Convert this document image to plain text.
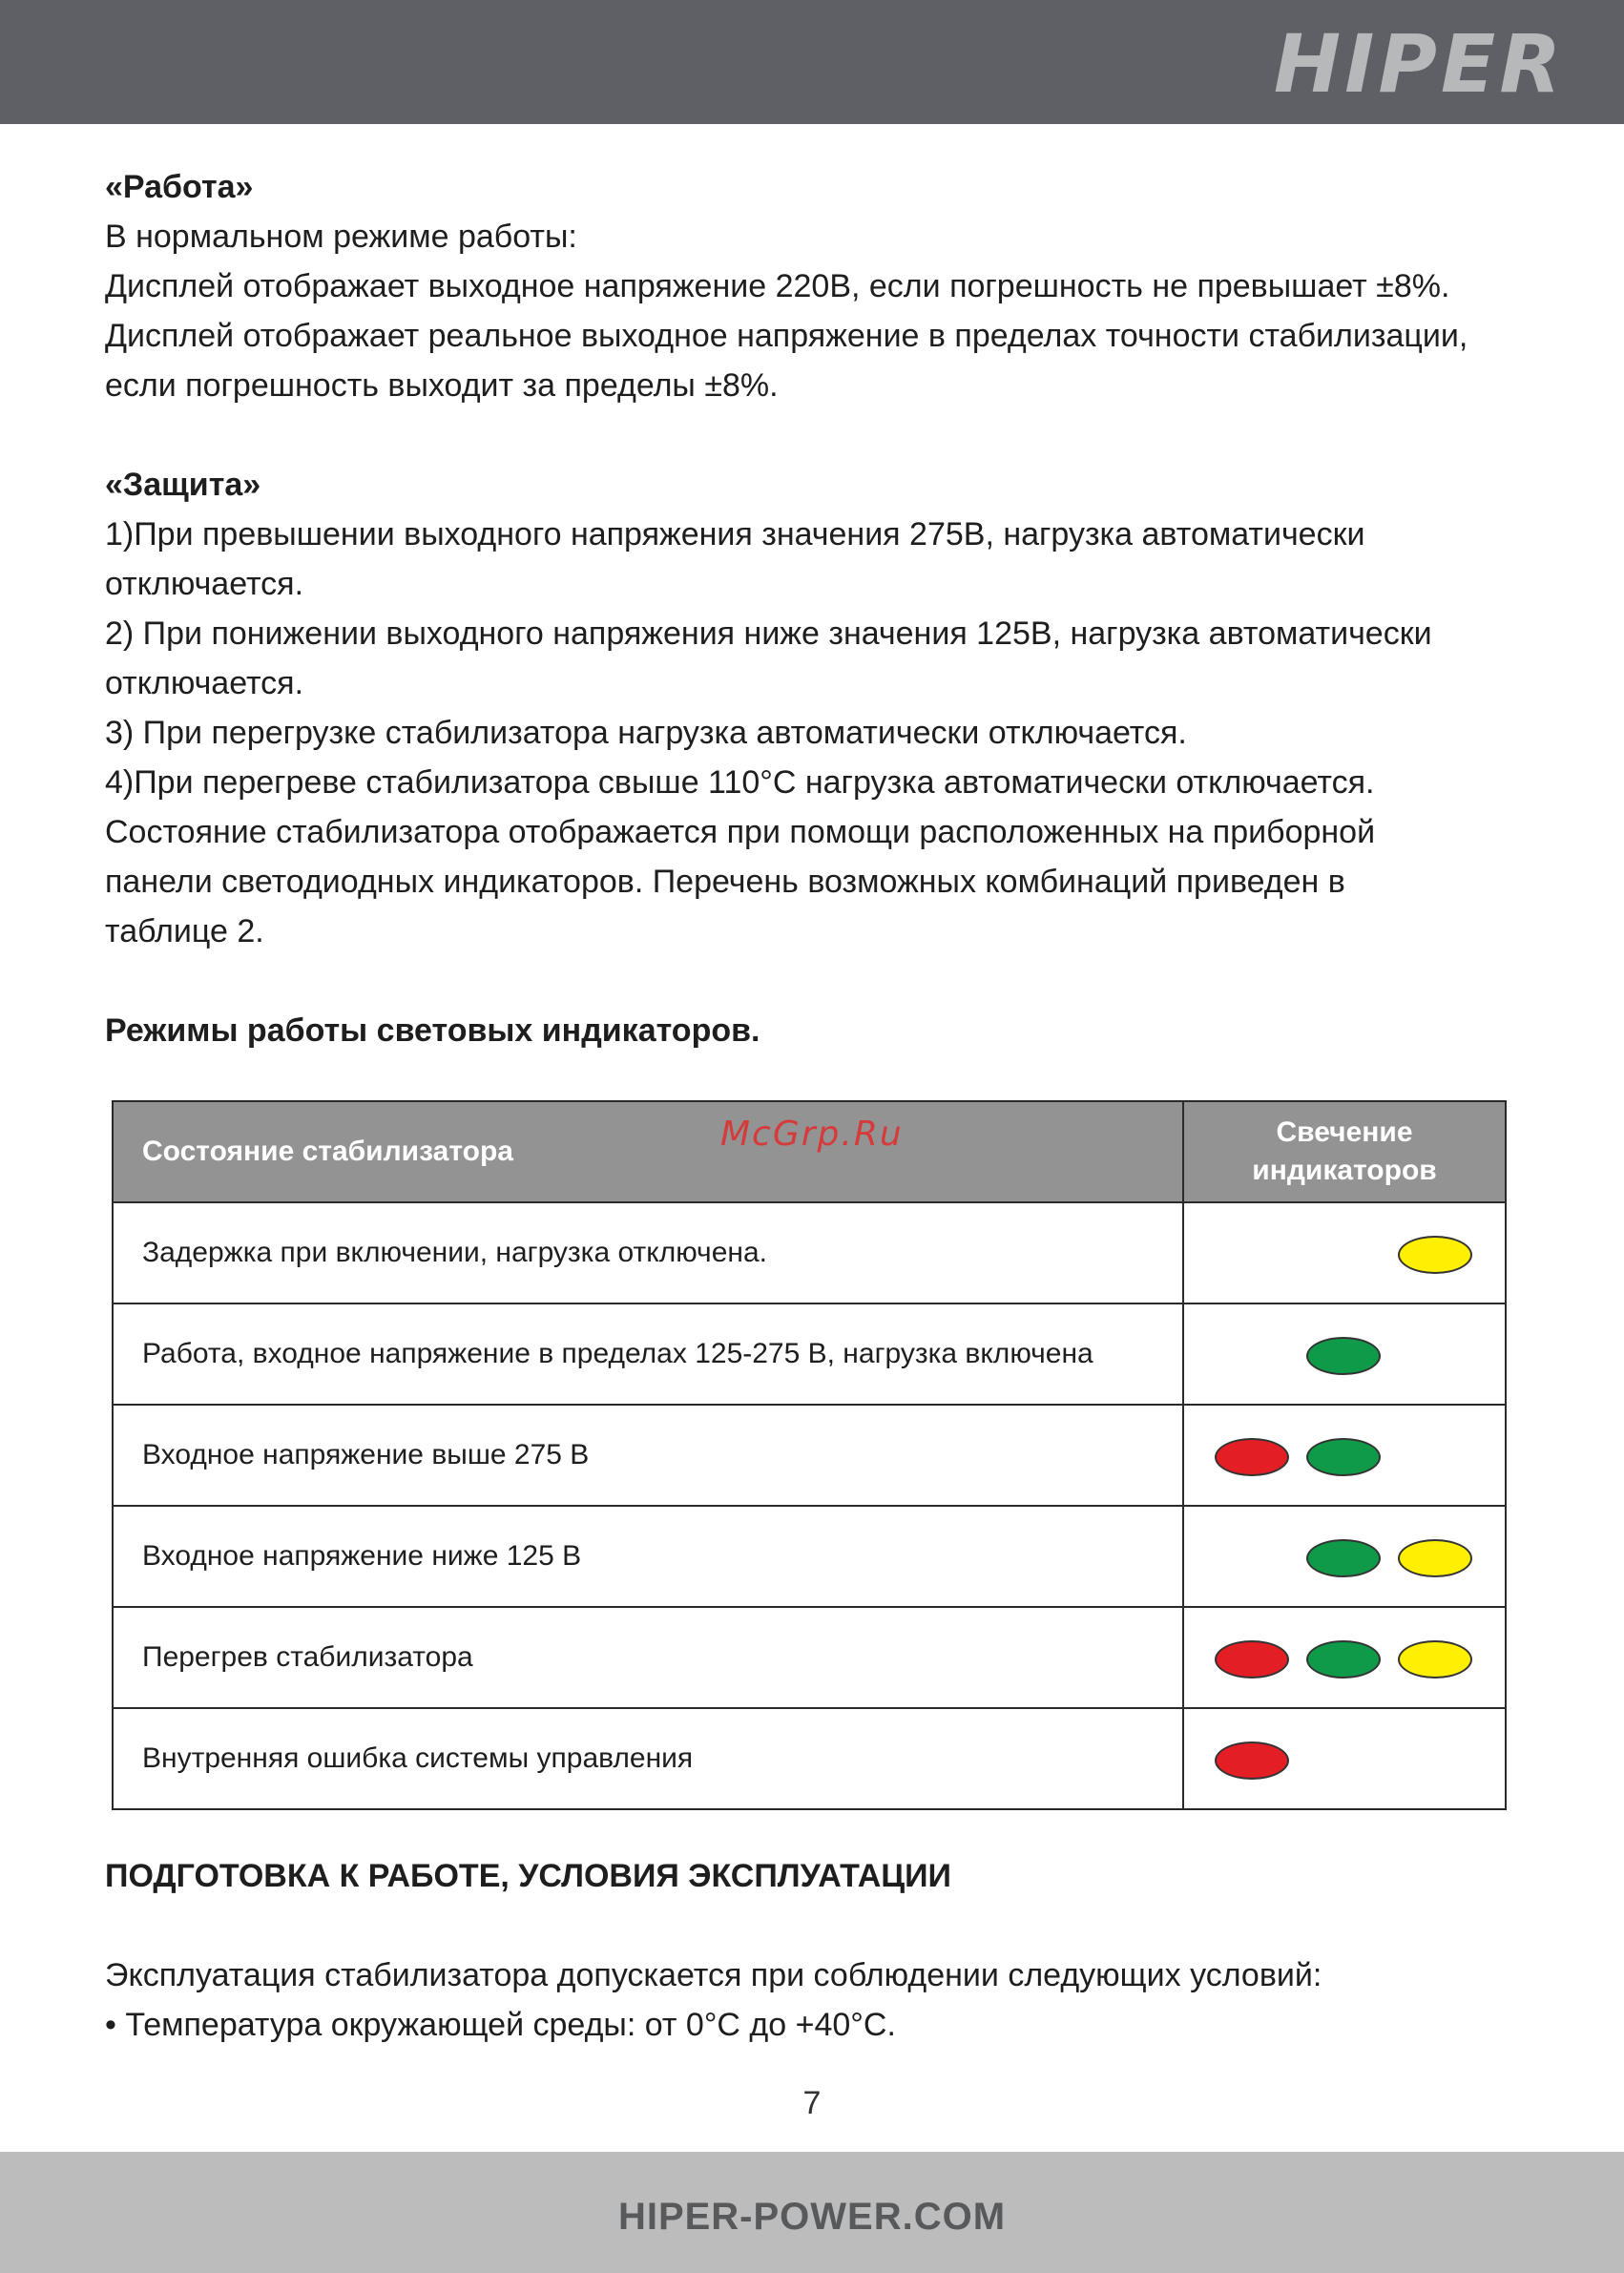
HIPER

«Работа»

В нормальном режиме работы:

Дисплей отображает выходное напряжение 220В, если погрешность не превышает ±8%.

Дисплей отображает реальное выходное напряжение в пределах точности стабилизации,

если погрешность выходит за пределы ±8%.

«Защита»

1)При превышении выходного напряжения значения 275В, нагрузка автоматически

отключается.

2) При понижении выходного напряжения ниже значения 125В, нагрузка автоматически

отключается.

3) При перегрузке стабилизатора нагрузка автоматически отключается.

4)При перегреве стабилизатора свыше 110°С нагрузка автоматически отключается.

Состояние стабилизатора отображается при помощи расположенных на приборной

панели светодиодных индикаторов. Перечень возможных комбинаций приведен в

таблице 2.

Режимы работы световых индикаторов.

Состояние стабилизатора	Свечение
индикаторов
Задержка при включении, нагрузка отключена.	

Работа, входное напряжение в пределах 125-275 В, нагрузка включена	

Входное напряжение выше 275 В	

Входное напряжение ниже 125 В	

Перегрев стабилизатора	

Внутренняя ошибка системы управления	
McGrp.Ru

ПОДГОТОВКА К РАБОТЕ, УСЛОВИЯ ЭКСПЛУАТАЦИИ

Эксплуатация стабилизатора допускается при соблюдении следующих условий:

• Температура окружающей среды: от 0°С до +40°С.

7
HIPER-POWER.COM
